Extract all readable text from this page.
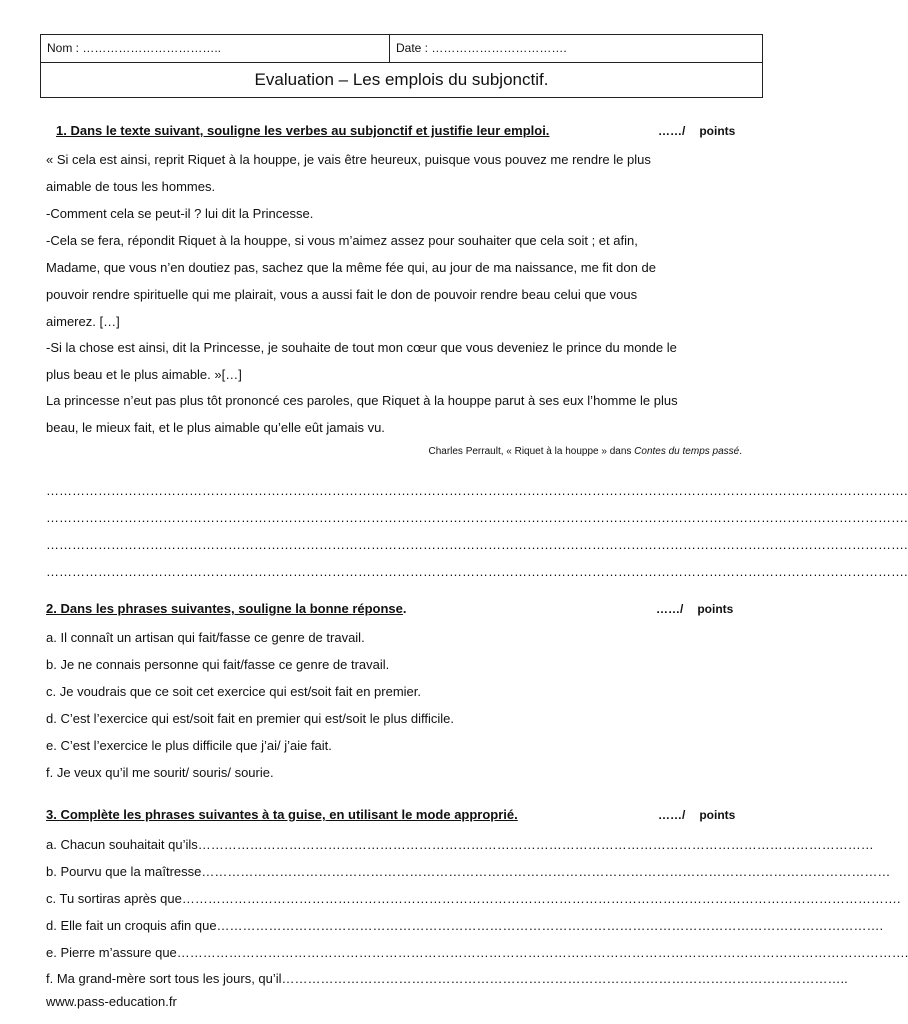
Nom : ……………………………..	Date : …………………………….
Evaluation – Les emplois du subjonctif.
1. Dans le texte suivant, souligne les verbes au subjonctif et justifie leur emploi.	……/ points
« Si cela est ainsi, reprit Riquet à la houppe, je vais être heureux, puisque vous pouvez me rendre le plus
aimable de tous les hommes.
-Comment cela se peut-il ? lui dit la Princesse.
-Cela se fera, répondit Riquet à la houppe, si vous m’aimez assez pour souhaiter que cela soit ; et afin,
Madame, que vous n’en doutiez pas, sachez que la même fée qui, au jour de ma naissance, me fit don de
pouvoir rendre spirituelle qui me plairait, vous a aussi fait le don de pouvoir rendre beau celui que vous
aimerez. […]
-Si la chose est ainsi, dit la Princesse, je souhaite de tout mon cœur que vous deveniez le prince du monde le
plus beau et le plus aimable. »[…]
La princesse n’eut pas plus tôt prononcé ces paroles, que Riquet à la houppe parut à ses eux l’homme le plus
beau, le mieux fait, et le plus aimable qu’elle eût jamais vu.
Charles Perrault, « Riquet à la houppe » dans Contes du temps passé.
……………………………………………………………………………………………………………………………………………………………………………….
……………………………………………………………………………………………………………………………………………………………………………….
……………………………………………………………………………………………………………………………………………………………………………….
……………………………………………………………………………………………………………………………………………………………………………….
2. Dans les phrases suivantes, souligne la bonne réponse.	……/ points
a. Il connaît un artisan qui fait/fasse ce genre de travail.
b. Je ne connais personne qui fait/fasse ce genre de travail.
c. Je voudrais que ce soit cet exercice qui est/soit fait en premier.
d. C’est l’exercice qui est/soit fait en premier qui est/soit le plus difficile.
e. C’est l’exercice le plus difficile que j’ai/ j’aie fait.
f. Je veux qu’il me sourit/ souris/ sourie.
3. Complète les phrases suivantes à ta guise, en utilisant le mode approprié.	……/ points
a. Chacun souhaitait qu’ils…………………………………………………………………………………………………………………………………………
b. Pourvu que la maîtresse……………………………………………………………………………………………………………………………………………
c. Tu sortiras après que………………………………………………………………………………………………………………………………………………….
d. Elle fait un croquis afin que……………………………………………………………………………………………………………………………………….
e. Pierre m’assure que…………………………………………………………………………………………………………………………………………………….
f. Ma grand-mère sort tous les jours, qu’il…………………………………………………………………………………………………………………..
www.pass-education.fr
